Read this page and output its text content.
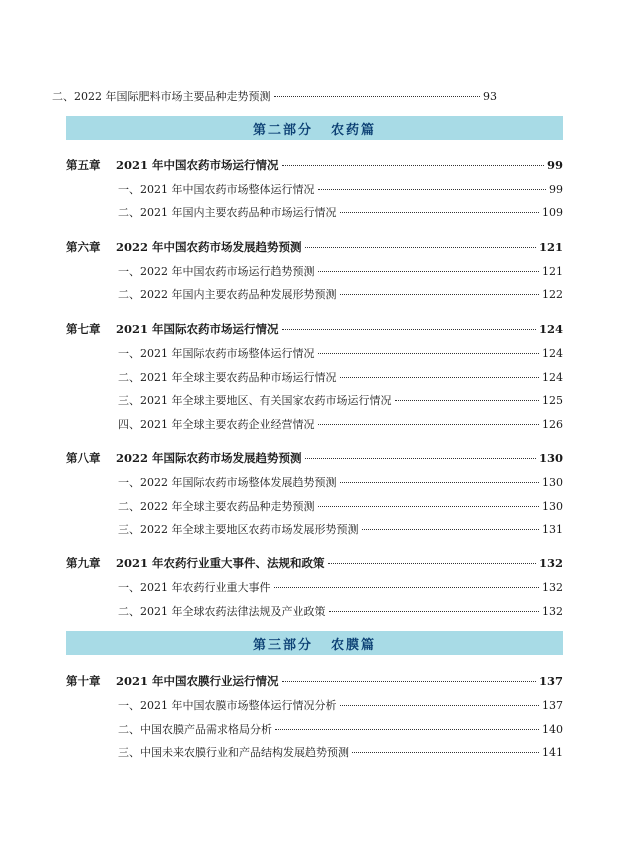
二、2022 年国际肥料市场主要品种走势预测	93
第二部分 农药篇
第五章	2021 年中国农药市场运行情况	99
一、2021 年中国农药市场整体运行情况	99
二、2021 年国内主要农药品种市场运行情况	109
第六章	2022 年中国农药市场发展趋势预测	121
一、2022 年中国农药市场运行趋势预测	121
二、2022 年国内主要农药品种发展形势预测	122
第七章	2021 年国际农药市场运行情况	124
一、2021 年国际农药市场整体运行情况	124
二、2021 年全球主要农药品种市场运行情况	124
三、2021 年全球主要地区、有关国家农药市场运行情况	125
四、2021 年全球主要农药企业经营情况	126
第八章	2022 年国际农药市场发展趋势预测	130
一、2022 年国际农药市场整体发展趋势预测	130
二、2022 年全球主要农药品种走势预测	130
三、2022 年全球主要地区农药市场发展形势预测	131
第九章	2021 年农药行业重大事件、法规和政策	132
一、2021 年农药行业重大事件	132
二、2021 年全球农药法律法规及产业政策	132
第三部分 农膜篇
第十章	2021 年中国农膜行业运行情况	137
一、2021 年中国农膜市场整体运行情况分析	137
二、中国农膜产品需求格局分析	140
三、中国未来农膜行业和产品结构发展趋势预测	141
